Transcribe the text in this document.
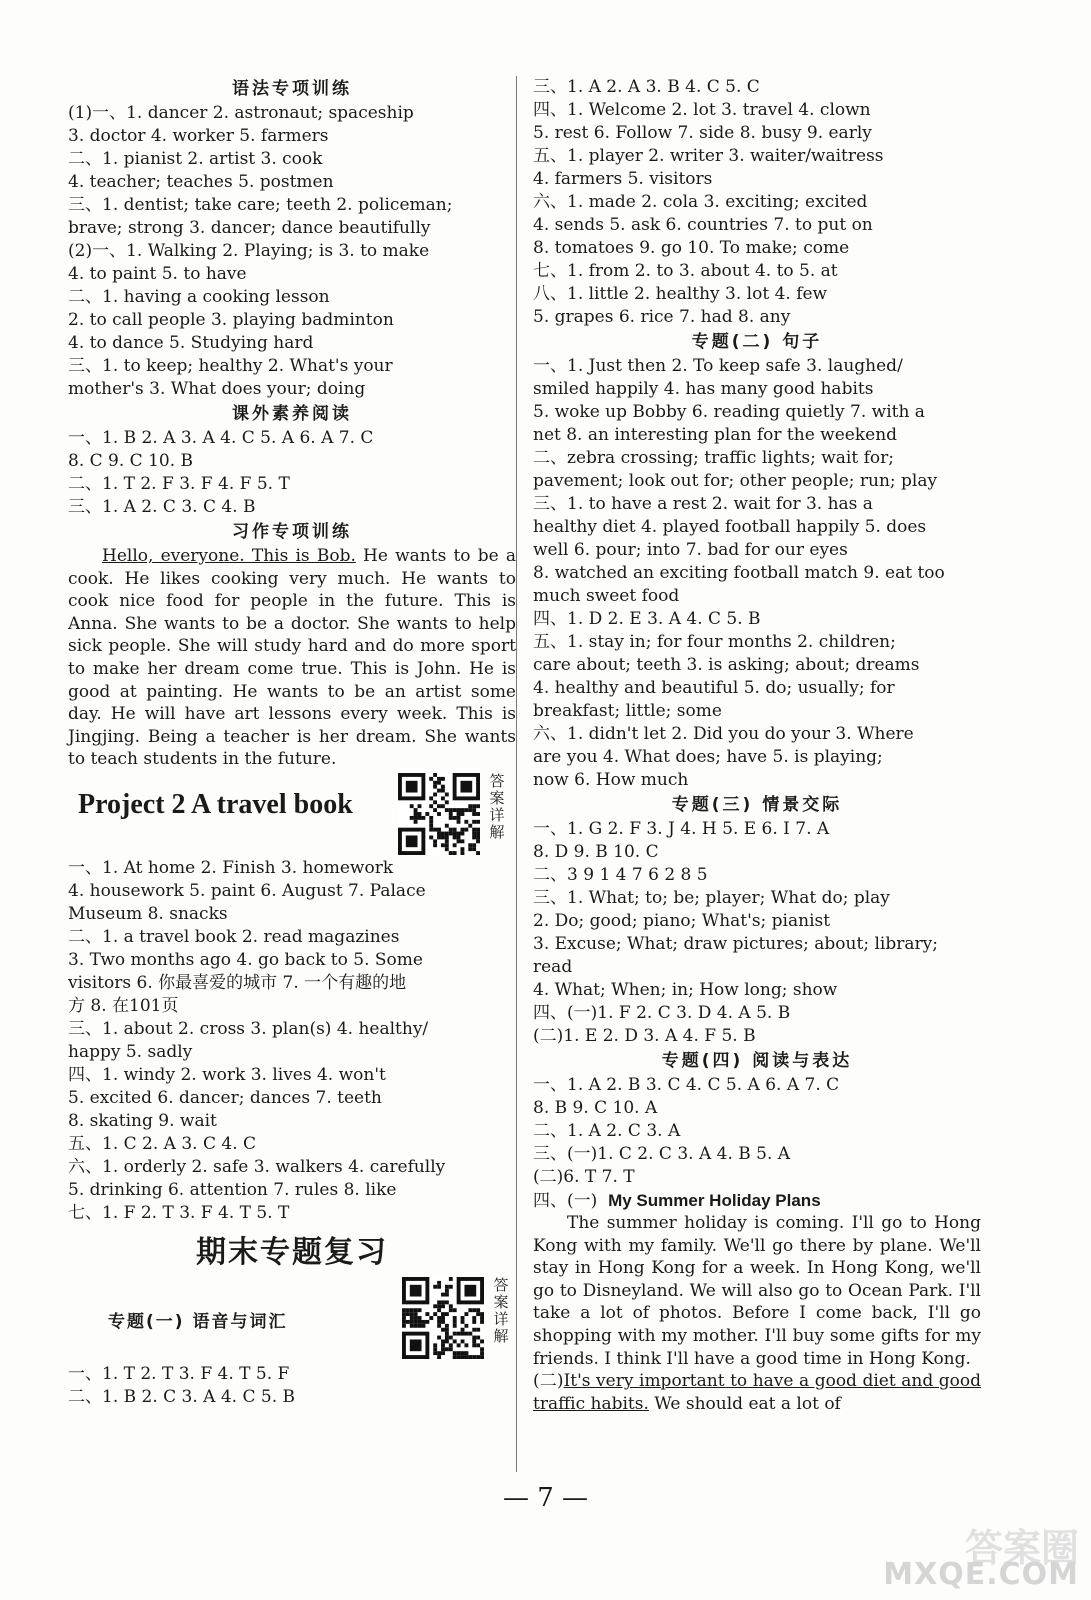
语法专项训练
(1)一、1. dancer 2. astronaut; spaceship
3. doctor 4. worker 5. farmers
二、1. pianist 2. artist 3. cook
4. teacher; teaches 5. postmen
三、1. dentist; take care; teeth 2. policeman;
brave; strong 3. dancer; dance beautifully
(2)一、1. Walking 2. Playing; is 3. to make
4. to paint 5. to have
二、1. having a cooking lesson
2. to call people 3. playing badminton
4. to dance 5. Studying hard
三、1. to keep; healthy 2. What's your
mother's 3. What does your; doing
课外素养阅读
一、1. B 2. A 3. A 4. C 5. A 6. A 7. C
8. C 9. C 10. B
二、1. T 2. F 3. F 4. F 5. T
三、1. A 2. C 3. C 4. B
习作专项训练
Hello, everyone. This is Bob. He wants to be a cook. He likes cooking very much. He wants to cook nice food for people in the future. This is Anna. She wants to be a doctor. She wants to help sick people. She will study hard and do more sport to make her dream come true. This is John. He is good at painting. He wants to be an artist some day. He will have art lessons every week. This is Jingjing. Being a teacher is her dream. She wants to teach students in the future.
Project 2 A travel book
答案详解
一、1. At home 2. Finish 3. homework
4. housework 5. paint 6. August 7. Palace
Museum 8. snacks
二、1. a travel book 2. read magazines
3. Two months ago 4. go back to 5. Some
visitors 6. 你最喜爱的城市 7. 一个有趣的地
方 8. 在101页
三、1. about 2. cross 3. plan(s) 4. healthy/
happy 5. sadly
四、1. windy 2. work 3. lives 4. won't
5. excited 6. dancer; dances 7. teeth
8. skating 9. wait
五、1. C 2. A 3. C 4. C
六、1. orderly 2. safe 3. walkers 4. carefully
5. drinking 6. attention 7. rules 8. like
七、1. F 2. T 3. F 4. T 5. T
期末专题复习
专题(一) 语音与词汇
答案详解
一、1. T 2. T 3. F 4. T 5. F
二、1. B 2. C 3. A 4. C 5. B
三、1. A 2. A 3. B 4. C 5. C
四、1. Welcome 2. lot 3. travel 4. clown
5. rest 6. Follow 7. side 8. busy 9. early
五、1. player 2. writer 3. waiter/waitress
4. farmers 5. visitors
六、1. made 2. cola 3. exciting; excited
4. sends 5. ask 6. countries 7. to put on
8. tomatoes 9. go 10. To make; come
七、1. from 2. to 3. about 4. to 5. at
八、1. little 2. healthy 3. lot 4. few
5. grapes 6. rice 7. had 8. any
专题(二) 句子
一、1. Just then 2. To keep safe 3. laughed/
smiled happily 4. has many good habits
5. woke up Bobby 6. reading quietly 7. with a
net 8. an interesting plan for the weekend
二、zebra crossing; traffic lights; wait for;
pavement; look out for; other people; run; play
三、1. to have a rest 2. wait for 3. has a
healthy diet 4. played football happily 5. does
well 6. pour; into 7. bad for our eyes
8. watched an exciting football match 9. eat too
much sweet food
四、1. D 2. E 3. A 4. C 5. B
五、1. stay in; for four months 2. children;
care about; teeth 3. is asking; about; dreams
4. healthy and beautiful 5. do; usually; for
breakfast; little; some
六、1. didn't let 2. Did you do your 3. Where
are you 4. What does; have 5. is playing;
now 6. How much
专题(三) 情景交际
一、1. G 2. F 3. J 4. H 5. E 6. I 7. A
8. D 9. B 10. C
二、3 9 1 4 7 6 2 8 5
三、1. What; to; be; player; What do; play
2. Do; good; piano; What's; pianist
3. Excuse; What; draw pictures; about; library;
read
4. What; When; in; How long; show
四、(一)1. F 2. C 3. D 4. A 5. B
(二)1. E 2. D 3. A 4. F 5. B
专题(四) 阅读与表达
一、1. A 2. B 3. C 4. C 5. A 6. A 7. C
8. B 9. C 10. A
二、1. A 2. C 3. A
三、(一)1. C 2. C 3. A 4. B 5. A
(二)6. T 7. T
四、(一) My Summer Holiday Plans
The summer holiday is coming. I'll go to Hong Kong with my family. We'll go there by plane. We'll stay in Hong Kong for a week. In Hong Kong, we'll go to Disneyland. We will also go to Ocean Park. I'll take a lot of photos. Before I come back, I'll go shopping with my mother. I'll buy some gifts for my friends. I think I'll have a good time in Hong Kong.
(二)It's very important to have a good diet and good traffic habits. We should eat a lot of
— 7 —
答案圈
MXQE.COM
